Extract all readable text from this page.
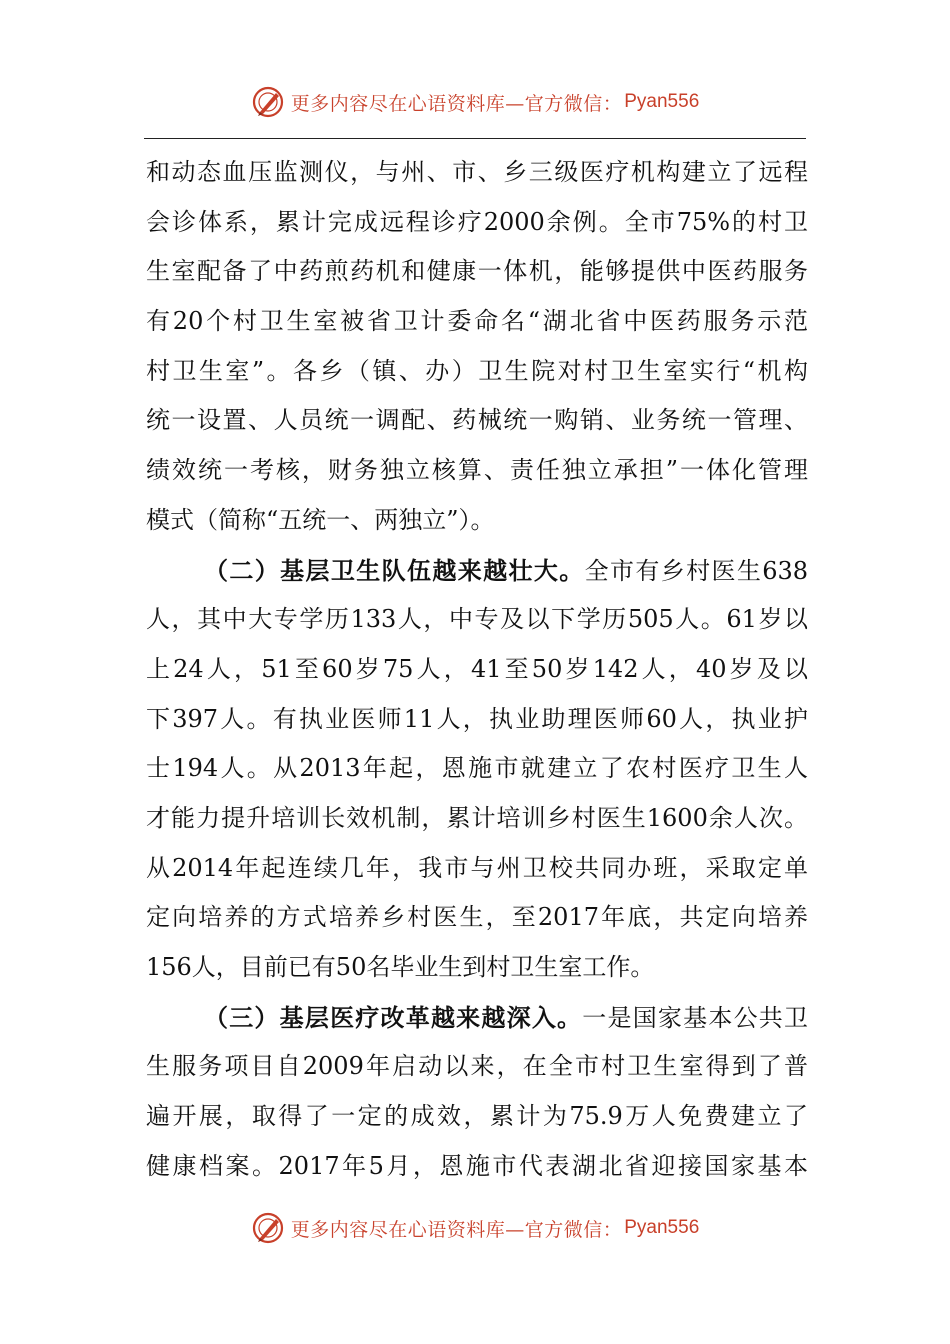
更多内容尽在心语资料库—官方微信： Pyan556
和动态血压监测仪，与州、市、乡三级医疗机构建立了远程
会诊体系，累计完成远程诊疗2000余例。全市75%的村卫
生室配备了中药煎药机和健康一体机，能够提供中医药服务
有20个村卫生室被省卫计委命名“湖北省中医药服务示范
村卫生室”。各乡（镇、办）卫生院对村卫生室实行“机构
统一设置、人员统一调配、药械统一购销、业务统一管理、
绩效统一考核，财务独立核算、责任独立承担”一体化管理
模式（简称“五统一、两独立”）。
（二）基层卫生队伍越来越壮大。全市有乡村医生638
人，其中大专学历133人，中专及以下学历505人。61岁以
上24人，51至60岁75人，41至50岁142人，40岁及以
下397人。有执业医师11人，执业助理医师60人，执业护
士194人。从2013年起，恩施市就建立了农村医疗卫生人
才能力提升培训长效机制，累计培训乡村医生1600余人次。
从2014年起连续几年，我市与州卫校共同办班，采取定单
定向培养的方式培养乡村医生，至2017年底，共定向培养
156人，目前已有50名毕业生到村卫生室工作。
（三）基层医疗改革越来越深入。一是国家基本公共卫
生服务项目自2009年启动以来，在全市村卫生室得到了普
遍开展，取得了一定的成效，累计为75.9万人免费建立了
健康档案。2017年5月，恩施市代表湖北省迎接国家基本
更多内容尽在心语资料库—官方微信： Pyan556
